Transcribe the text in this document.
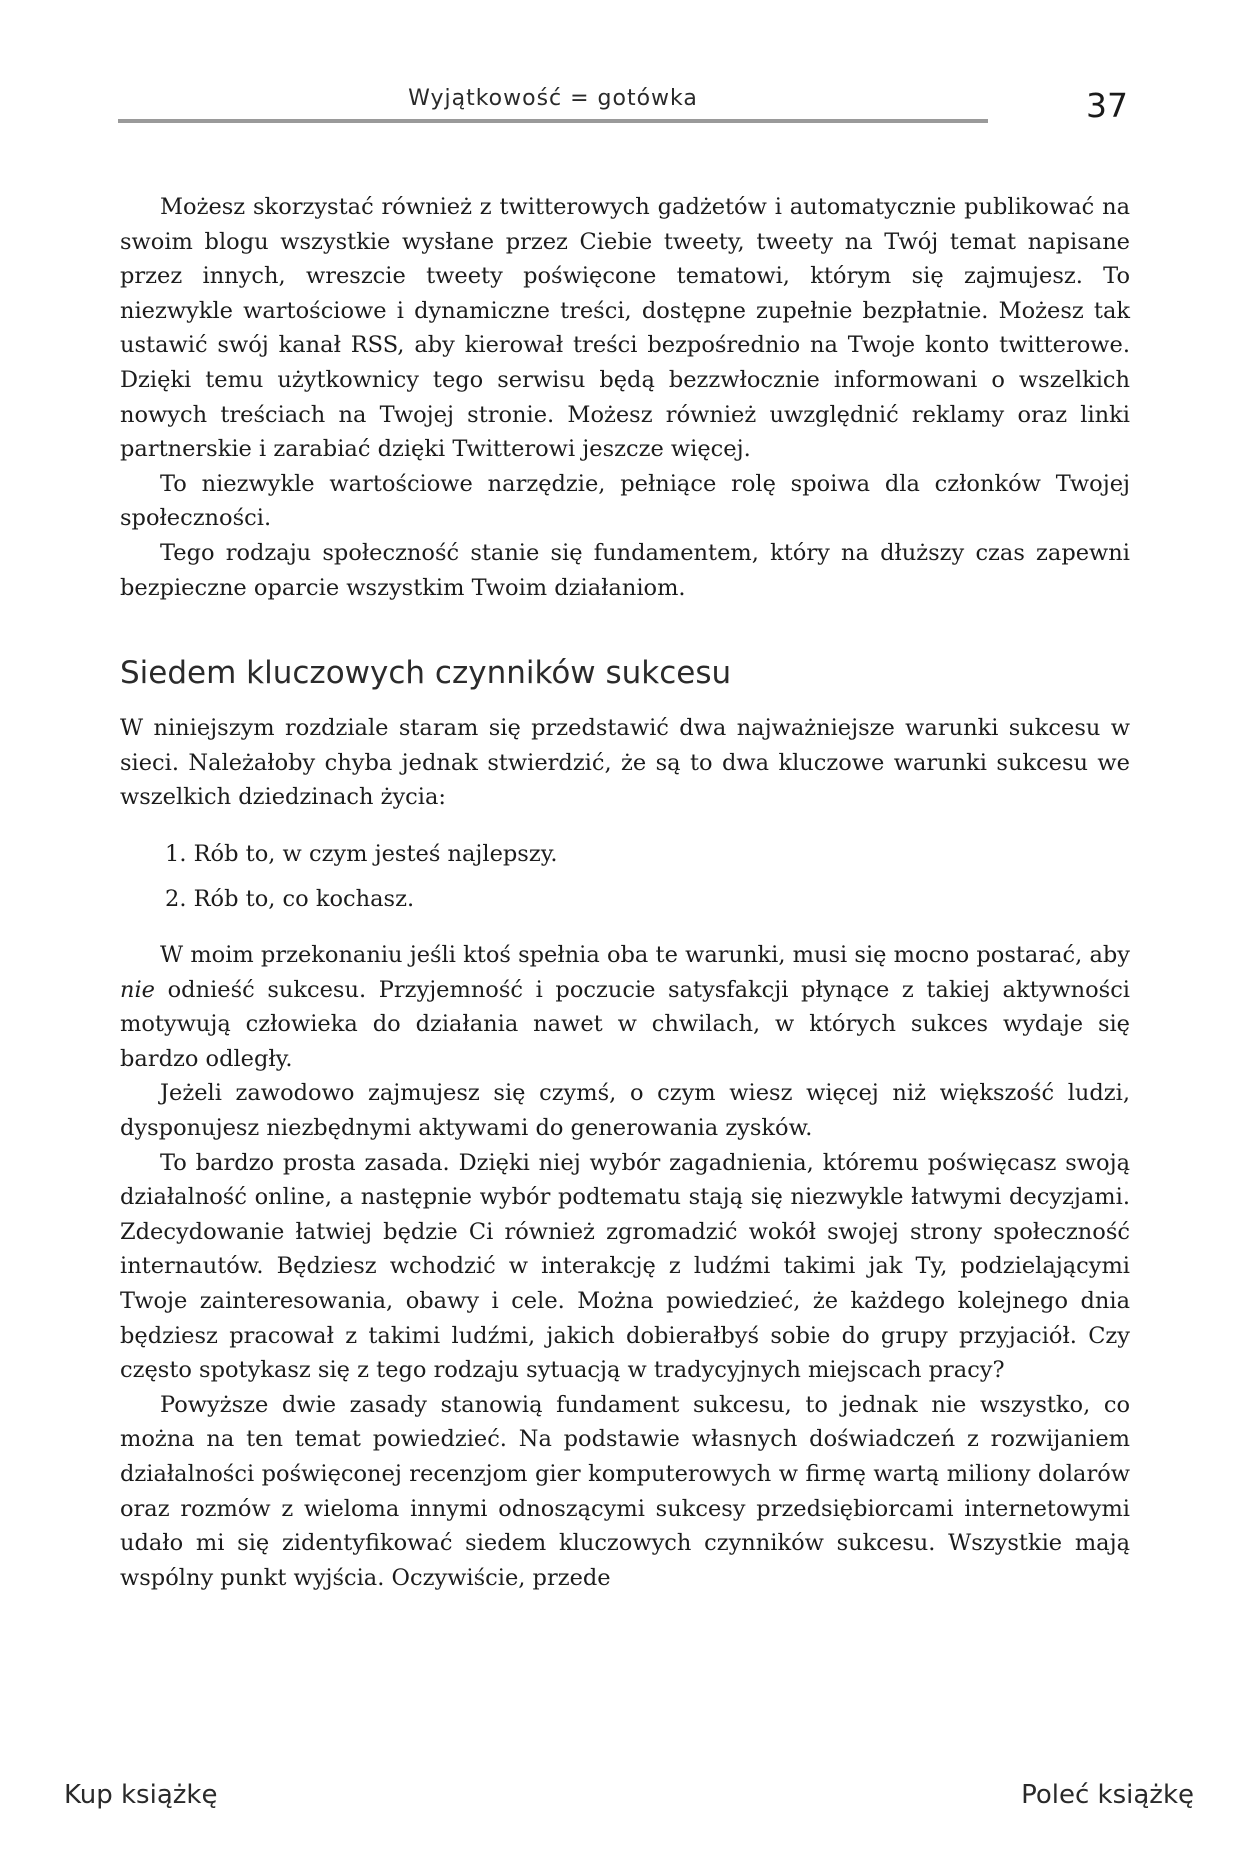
Wyjątkowość = gotówka	37

Możesz skorzystać również z twitterowych gadżetów i automatycznie publikować na swoim blogu wszystkie wysłane przez Ciebie tweety, tweety na Twój temat napisane przez innych, wreszcie tweety poświęcone tematowi, którym się zajmujesz. To niezwykle wartościowe i dynamiczne treści, dostępne zupełnie bezpłatnie. Możesz tak ustawić swój kanał RSS, aby kierował treści bezpośrednio na Twoje konto twitterowe. Dzięki temu użytkownicy tego serwisu będą bezzwłocznie informowani o wszelkich nowych treściach na Twojej stronie. Możesz również uwzględnić reklamy oraz linki partnerskie i zarabiać dzięki Twitterowi jeszcze więcej.

To niezwykle wartościowe narzędzie, pełniące rolę spoiwa dla członków Twojej społeczności.

Tego rodzaju społeczność stanie się fundamentem, który na dłuższy czas zapewni bezpieczne oparcie wszystkim Twoim działaniom.

Siedem kluczowych czynników sukcesu

W niniejszym rozdziale staram się przedstawić dwa najważniejsze warunki sukcesu w sieci. Należałoby chyba jednak stwierdzić, że są to dwa kluczowe warunki sukcesu we wszelkich dziedzinach życia:

1. Rób to, w czym jesteś najlepszy.
2. Rób to, co kochasz.

W moim przekonaniu jeśli ktoś spełnia oba te warunki, musi się mocno postarać, aby nie odnieść sukcesu. Przyjemność i poczucie satysfakcji płynące z takiej aktywności motywują człowieka do działania nawet w chwilach, w których sukces wydaje się bardzo odległy.

Jeżeli zawodowo zajmujesz się czymś, o czym wiesz więcej niż większość ludzi, dysponujesz niezbędnymi aktywami do generowania zysków.

To bardzo prosta zasada. Dzięki niej wybór zagadnienia, któremu poświęcasz swoją działalność online, a następnie wybór podtematu stają się niezwykle łatwymi decyzjami. Zdecydowanie łatwiej będzie Ci również zgromadzić wokół swojej strony społeczność internautów. Będziesz wchodzić w interakcję z ludźmi takimi jak Ty, podzielającymi Twoje zainteresowania, obawy i cele. Można powiedzieć, że każdego kolejnego dnia będziesz pracował z takimi ludźmi, jakich dobierałbyś sobie do grupy przyjaciół. Czy często spotykasz się z tego rodzaju sytuacją w tradycyjnych miejscach pracy?

Powyższe dwie zasady stanowią fundament sukcesu, to jednak nie wszystko, co można na ten temat powiedzieć. Na podstawie własnych doświadczeń z rozwijaniem działalności poświęconej recenzjom gier komputerowych w firmę wartą miliony dolarów oraz rozmów z wieloma innymi odnoszącymi sukcesy przedsiębiorcami internetowymi udało mi się zidentyfikować siedem kluczowych czynników sukcesu. Wszystkie mają wspólny punkt wyjścia. Oczywiście, przede

Kup książkę	Poleć książkę
